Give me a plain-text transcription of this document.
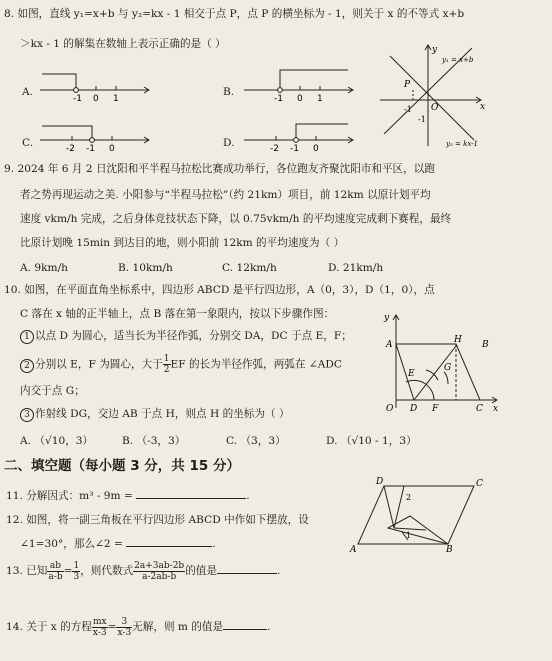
8. 如图，直线 y₁=x+b 与 y₂=kx - 1 相交于点 P，点 P 的横坐标为 - 1，则关于 x 的不等式 x+b
＞kx - 1 的解集在数轴上表示正确的是（ ）
A.
-1 0 1
B.
-1 0 1
C.	-2 -1 0	D.	-2 -1 0
y
x
O
P
-1
-1
y₁ = x+b
y₂ = kx-1
9. 2024 年 6 月 2 日沈阳和平半程马拉松比赛成功举行，各位跑友齐聚沈阳市和平区，以跑
者之势再现运动之美. 小阳参与“半程马拉松”（约 21km）项目，前 12km 以原计划平均
速度 vkm/h 完成，之后身体竞技状态下降，以 0.75vkm/h 的平均速度完成剩下赛程，最终
比原计划晚 15min 到达目的地，则小阳前 12km 的平均速度为（ ）
A. 9km/h	B. 10km/h	C. 12km/h	D. 21km/h
10. 如图，在平面直角坐标系中，四边形 ABCD 是平行四边形，A（0，3），D（1，0），点
C 落在 x 轴的正半轴上，点 B 落在第一象限内，按以下步骤作图：
1 以点 D 为圆心，适当长为半径作弧，分别交 DA，DC 于点 E，F；
2 分别以 E，F 为圆心，大于 $\frac{1}{2}$ EF 的长为半径作弧，两弧在 ∠ADC
内交于点 G；
3 作射线 DG，交边 AB 于点 H，则点 H 的坐标为（ ）
A. （√10，3）	B. （-3，3）	C. （3，3）	D. （√10 - 1，3）
y
A	H B
E
G
O D F	C x
二、填空题（每小题 3 分，共 15 分）
11. 分解因式：m³ - 9m =	.
12. 如图，将一副三角板在平行四边形 ABCD 中作如下摆放，设
∠1=30°，那么∠2 =	.
D	C
A	B
1
2
13. 已知 $\frac{ab}{a-b} = \frac{1}{3}$ ，则代数式 $\frac{2a+3ab-2b}{a-2ab-b}$ 的值是	.
14. 关于 x 的方程 $\frac{mx}{x-3} = \frac{3}{x-3}$ 无解，则 m 的值是	.
